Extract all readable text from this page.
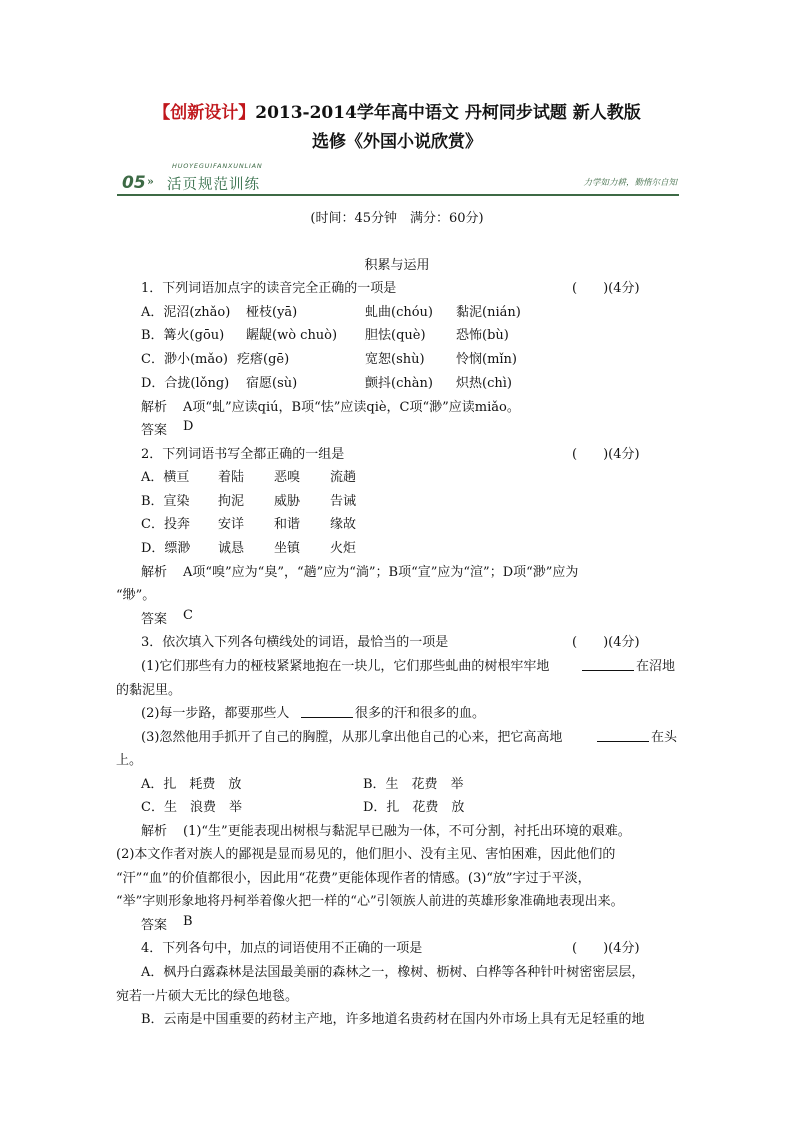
【创新设计】2013-2014学年高中语文 丹柯同步试题 新人教版
选修《外国小说欣赏》
05 »
HUOYEGUIFANXUNLIAN
活页规范训练	力学如力耕，勤惰尔自知
(时间：45分钟　满分：60分)
积累与运用
1．下列词语加点字的读音完全正确的一项是	(　　)(4分)
A．泥沼(zhǎo) 桠枝(yā)	虬曲(chóu) 黏泥(nián)
B．篝火(gōu) 龌龊(wò chuò) 胆怯(què) 恐怖(bù)
C．渺小(mǎo) 疙瘩(gē)	宽恕(shù) 怜悯(mǐn)
D．合拢(lǒng) 宿愿(sù)	颤抖(chàn) 炽热(chì)
解析 A项“虬”应读qiú，B项“怯”应读qiè，C项“渺”应读miǎo。
答案 D
2．下列词语书写全都正确的一组是	(　　)(4分)
A．横亘 着陆 恶嗅 流趟
B．宣染 拘泥 威胁 告诫
C．投奔 安详 和谐 缘故
D．缥渺 诚恳 坐镇 火炬
解析 A项“嗅”应为“臭”，“趟”应为“淌”；B项“宣”应为“渲”；D项“渺”应为
“缈”。
答案 C
3．依次填入下列各句横线处的词语，最恰当的一项是	(　　)(4分)
(1)它们那些有力的桠枝紧紧地抱在一块儿，它们那些虬曲的树根牢牢地	在沼地
的黏泥里。
(2)每一步路，都要那些人	很多的汗和很多的血。
(3)忽然他用手抓开了自己的胸膛，从那儿拿出他自己的心来，把它高高地	在头
上。
A．扎　耗费　放	B．生　花费　举
C．生　浪费　举	D．扎　花费　放
解析 (1)“生”更能表现出树根与黏泥早已融为一体，不可分割，衬托出环境的艰难。
(2)本文作者对族人的鄙视是显而易见的，他们胆小、没有主见、害怕困难，因此他们的
“汗”“血”的价值都很小，因此用“花费”更能体现作者的情感。(3)“放”字过于平淡，
“举”字则形象地将丹柯举着像火把一样的“心”引领族人前进的英雄形象准确地表现出来。
答案 B
4．下列各句中，加点的词语使用不正确的一项是	(　　)(4分)
A．枫丹白露森林是法国最美丽的森林之一，橡树、枥树、白桦等各种针叶树密密层层，
宛若一片硕大无比的绿色地毯。
B．云南是中国重要的药材主产地，许多地道名贵药材在国内外市场上具有无足轻重的地
